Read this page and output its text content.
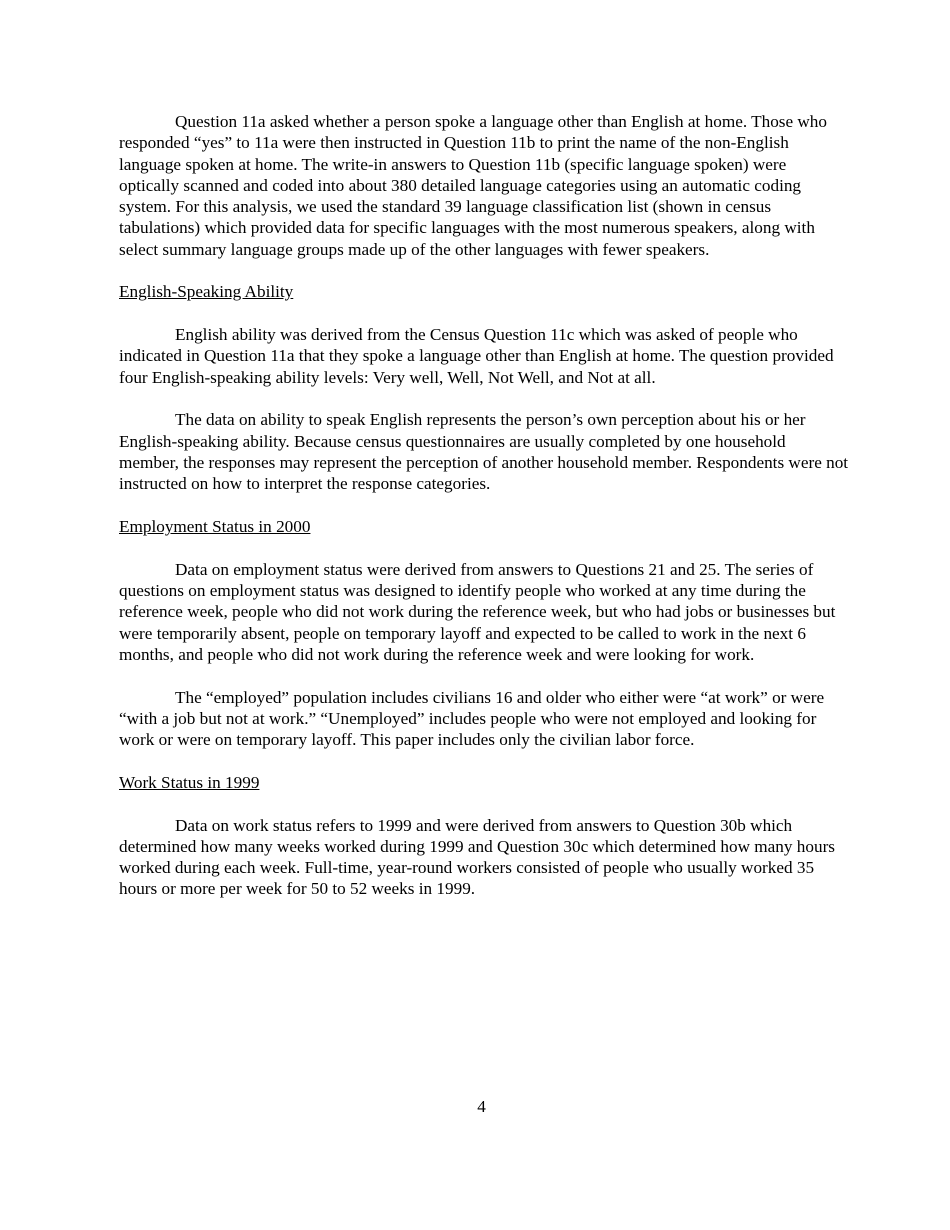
Question 11a asked whether a person spoke a language other than English at home. Those who responded “yes” to 11a were then instructed in Question 11b to print the name of the non-English language spoken at home. The write-in answers to Question 11b (specific language spoken) were optically scanned and coded into about 380 detailed language categories using an automatic coding system. For this analysis, we used the standard 39 language classification list (shown in census tabulations) which provided data for specific languages with the most numerous speakers, along with select summary language groups made up of the other languages with fewer speakers.

English-Speaking Ability

English ability was derived from the Census Question 11c which was asked of people who indicated in Question 11a that they spoke a language other than English at home. The question provided four English-speaking ability levels: Very well, Well, Not Well, and Not at all.

The data on ability to speak English represents the person’s own perception about his or her English-speaking ability. Because census questionnaires are usually completed by one household member, the responses may represent the perception of another household member. Respondents were not instructed on how to interpret the response categories.

Employment Status in 2000

Data on employment status were derived from answers to Questions 21 and 25. The series of questions on employment status was designed to identify people who worked at any time during the reference week, people who did not work during the reference week, but who had jobs or businesses but were temporarily absent, people on temporary layoff and expected to be called to work in the next 6 months, and people who did not work during the reference week and were looking for work.

The “employed” population includes civilians 16 and older who either were “at work” or were “with a job but not at work.” “Unemployed” includes people who were not employed and looking for work or were on temporary layoff. This paper includes only the civilian labor force.

Work Status in 1999

Data on work status refers to 1999 and were derived from answers to Question 30b which determined how many weeks worked during 1999 and Question 30c which determined how many hours worked during each week. Full-time, year-round workers consisted of people who usually worked 35 hours or more per week for 50 to 52 weeks in 1999.

4
